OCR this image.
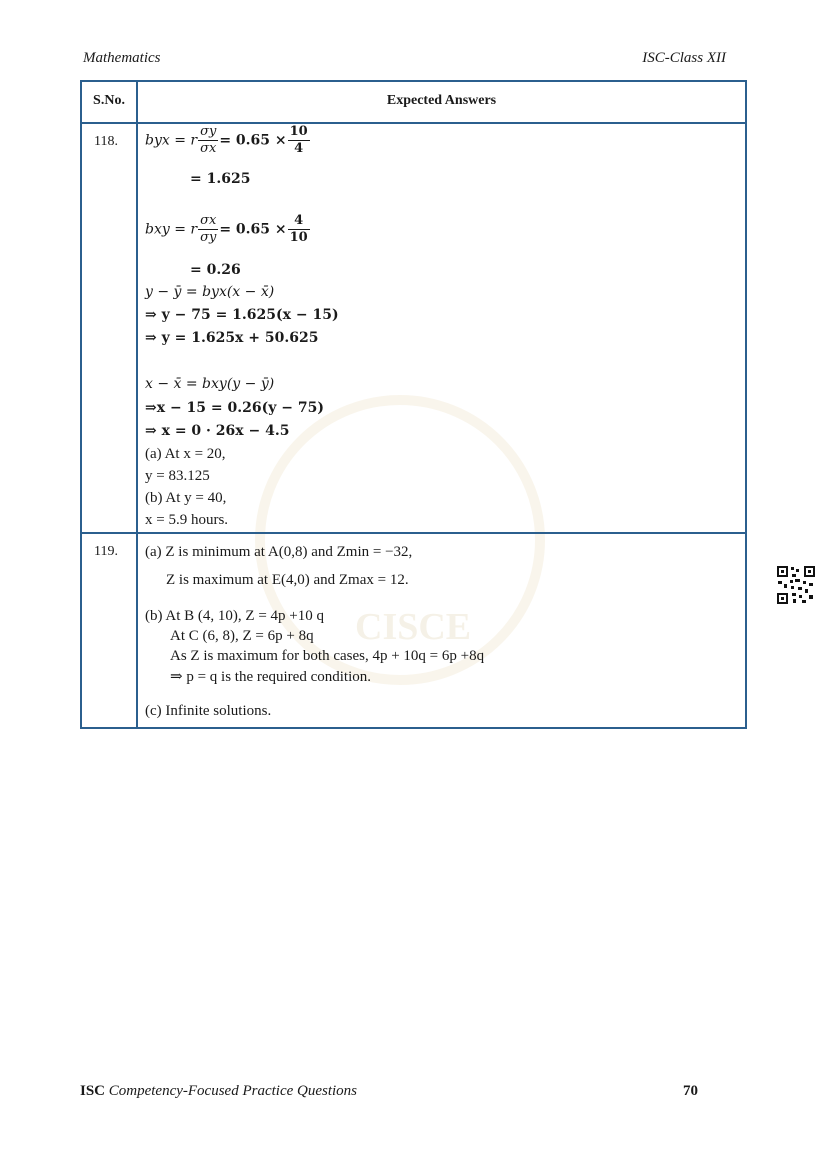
CISCE
Mathematics	ISC-Class XII
S.No.	Expected Answers
118. byx = r $\frac{\sigma y}{\sigma x} = 0.65 \times \frac{10}{4}$
= 1.625
bxy = r $\frac{\sigma x}{\sigma y} = 0.65 \times \frac{4}{10}$
= 0.26
y − ȳ = byx(x − x̄)
⇒ y − 75 = 1.625(x − 15)
⇒ y = 1.625x + 50.625
x − x̄ = bxy(y − ȳ)
⇒x − 15 = 0.26(y − 75)
⇒ x = 0 · 26x − 4.5
(a) At x = 20,
y = 83.125
(b) At y = 40,
x = 5.9 hours.
119. (a) Z is minimum at A(0,8) and Zmin = −32,
Z is maximum at E(4,0) and Zmax = 12.
(b) At B (4, 10), Z = 4p +10 q
At C (6, 8), Z = 6p + 8q
As Z is maximum for both cases, 4p + 10q = 6p +8q
⇒ p = q is the required condition.
(c) Infinite solutions.
ISC Competency-Focused Practice Questions	70
